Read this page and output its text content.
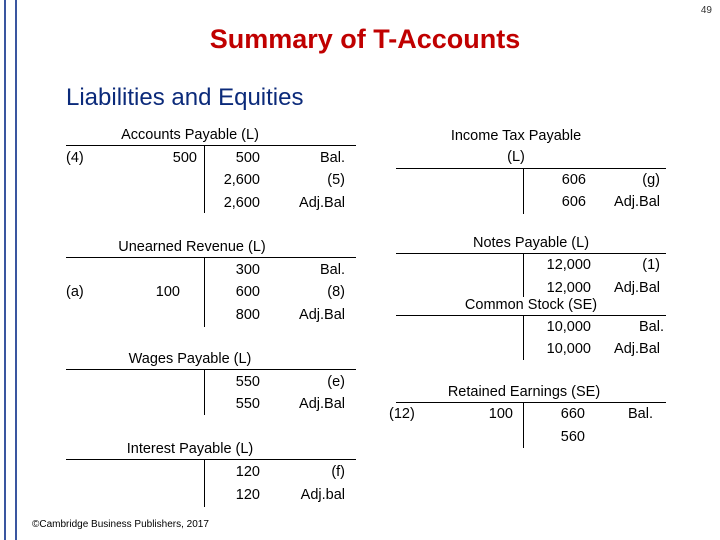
49
Summary of T-Accounts
Liabilities and Equities
Accounts Payable (L)
(4)	500	500	Bal.
2,600	(5)
2,600	Adj.Bal
Unearned Revenue (L)
300	Bal.
(a)	100	600	(8)
800	Adj.Bal
Wages Payable (L)
550	(e)
550	Adj.Bal
Interest Payable (L)
120	(f)
120	Adj.bal
Income Tax Payable
(L)
606	(g)
606 Adj.Bal
Notes Payable (L)
12,000	(1)
12,000 Adj.Bal
Common Stock (SE)
10,000	Bal.
10,000 Adj.Bal
Retained Earnings (SE)
(12)	100	660	Bal.
560
©Cambridge Business Publishers, 2017
